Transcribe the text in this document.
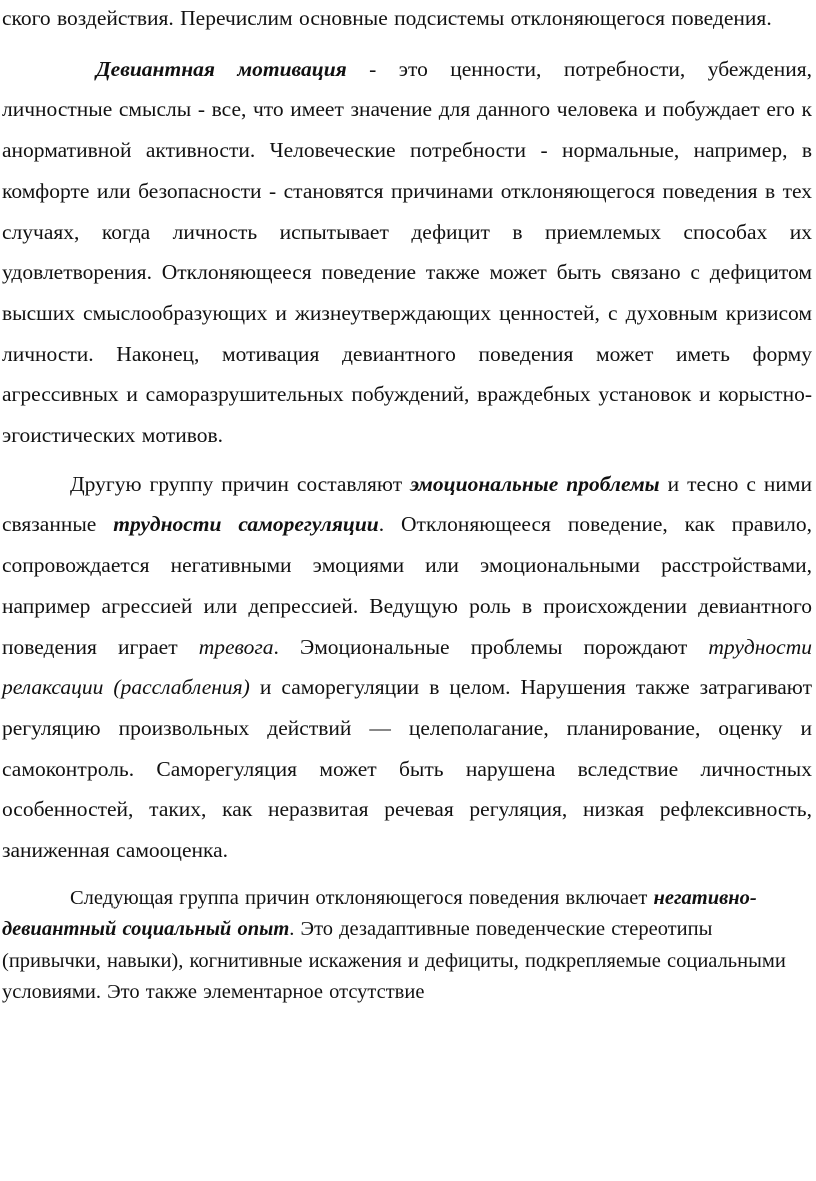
ского воздействия. Перечислим основные подсистемы отклоняющегося поведения.

Девиантная мотивация - это ценности, потребности, убеждения, личностные смыслы - все, что имеет значение для данного человека и побуждает его к анормативной активности. Человеческие потребности - нормальные, например, в комфорте или безопасности - становятся причинами отклоняющегося поведения в тех случаях, когда личность испытывает дефицит в приемлемых способах их удовлетворения. Отклоняющееся поведение также может быть связано с дефицитом высших смыслообразующих и жизнеутверждающих ценностей, с духовным кризисом личности. Наконец, мотивация девиантного поведения может иметь форму агрессивных и саморазрушительных побуждений, враждебных установок и корыстно-эгоистических мотивов.

Другую группу причин составляют эмоциональные проблемы и тесно с ними связанные трудности саморегуляции. Отклоняющееся поведение, как правило, сопровождается негативными эмоциями или эмоциональными расстройствами, например агрессией или депрессией. Ведущую роль в происхождении девиантного поведения играет тревога. Эмоциональные проблемы порождают трудности релаксации (расслабления) и саморегуляции в целом. Нарушения также затрагивают регуляцию произвольных действий — целеполагание, планирование, оценку и самоконтроль. Саморегуляция может быть нарушена вследствие личностных особенностей, таких, как неразвитая речевая регуляция, низкая рефлексивность, заниженная самооценка.

Следующая группа причин отклоняющегося поведения включает негативно-девиантный социальный опыт. Это дезадаптивные поведенческие стереотипы (привычки, навыки), когнитивные искажения и дефициты, подкрепляемые социальными условиями. Это также элементарное отсутствие
